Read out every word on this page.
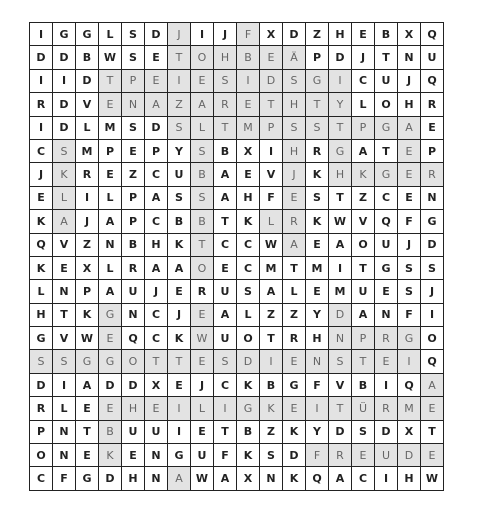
I	G	G	L	S	D	J	I	J	F	X	D	Z	H	E	B	X	Q
D	D	B	W	S	E	T	O	H	B	E	Ä	P	D	J	T	N	U
I	I	D	T	P	E	I	E	S	I	D	S	G	I	C	U	J	Q
R	D	V	E	N	A	Z	A	R	E	T	H	T	Y	L	O	H	R
I	D	L	M	S	D	S	L	T	M	P	S	S	T	P	G	A	E
C	S	M	P	E	P	Y	S	B	X	I	H	R	G	A	T	E	P
J	K	R	E	Z	C	U	B	A	E	V	J	K	H	K	G	E	R
E	L	I	L	P	A	S	S	A	H	F	E	S	T	Z	C	E	N
K	A	J	A	P	C	B	B	T	K	L	R	K	W	V	Q	F	G
Q	V	Z	N	B	H	K	T	C	C	W	A	E	A	O	U	J	D
K	E	X	L	R	A	A	O	E	C	M	T	M	I	T	G	S	S
L	N	P	A	U	J	E	R	U	S	A	L	E	M	U	E	S	J
H	T	K	G	N	C	J	E	A	L	Z	Z	Y	D	A	N	F	I
G	V	W	E	Q	C	K	W	U	O	T	R	H	N	P	R	G	O
S	S	G	G	O	T	T	E	S	D	I	E	N	S	T	E	I	Q
D	I	A	D	D	X	E	J	C	K	B	G	F	V	B	I	Q	A
R	L	E	E	H	E	I	L	I	G	K	E	I	T	Ü	R	M	E
P	N	T	B	U	U	I	E	T	B	Z	K	Y	D	S	D	X	T
O	N	E	K	E	N	G	U	F	K	S	D	F	R	E	U	D	E
C	F	G	D	H	N	A	W	A	X	N	K	Q	A	C	I	H	W
